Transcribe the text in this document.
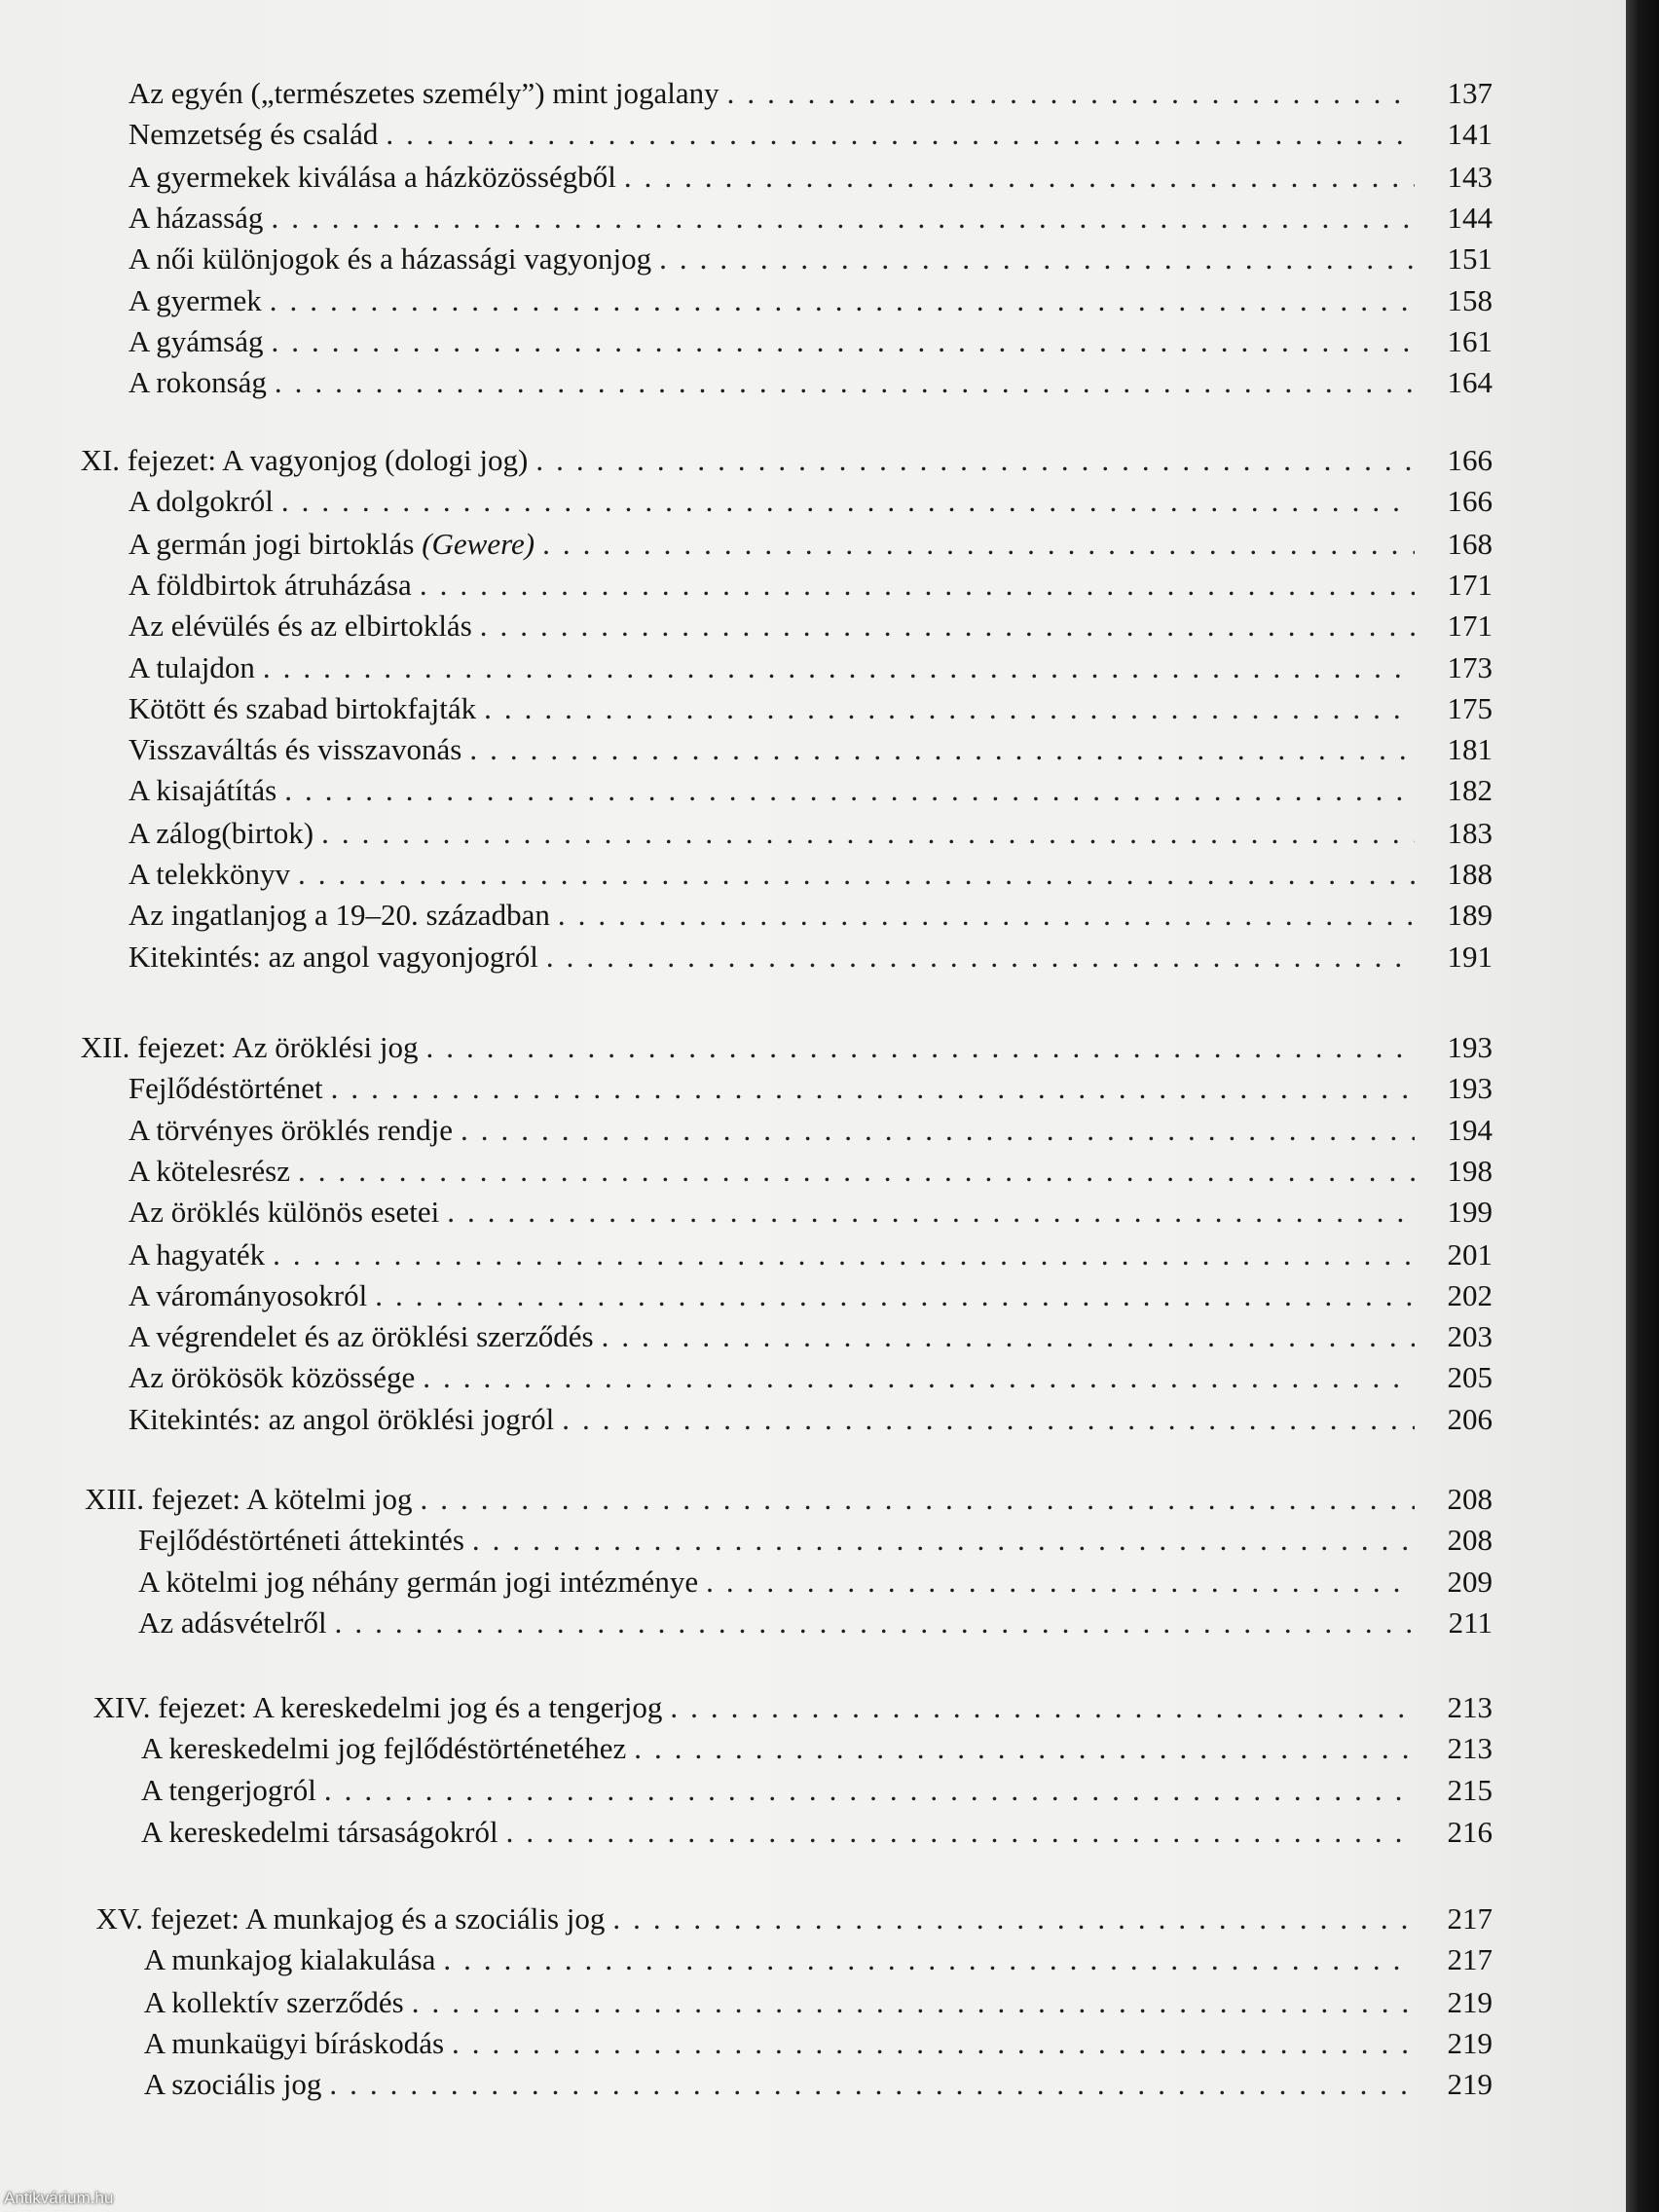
Az egyén („természetes személy”) mint jogalany .....	137
Nemzetség és család .....	141
A gyermekek kiválása a házközösségből .....	143
A házasság .....	144
A női különjogok és a házassági vagyonjog .....	151
A gyermek .....	158
A gyámság .....	161
A rokonság .....	164
XI. fejezet: A vagyonjog (dologi jog) .....	166
A dolgokról .....	166
A germán jogi birtoklás (Gewere) .....	168
A földbirtok átruházása .....	171
Az elévülés és az elbirtoklás .....	171
A tulajdon .....	173
Kötött és szabad birtokfajták .....	175
Visszaváltás és visszavonás .....	181
A kisajátítás .....	182
A zálog(birtok) .....	183
A telekkönyv .....	188
Az ingatlanjog a 19–20. században .....	189
Kitekintés: az angol vagyonjogról .....	191
XII. fejezet: Az öröklési jog .....	193
Fejlődéstörténet .....	193
A törvényes öröklés rendje .....	194
A kötelesrész .....	198
Az öröklés különös esetei .....	199
A hagyaték .....	201
A várományosokról .....	202
A végrendelet és az öröklési szerződés .....	203
Az örökösök közössége .....	205
Kitekintés: az angol öröklési jogról .....	206
XIII. fejezet: A kötelmi jog .....	208
Fejlődéstörténeti áttekintés .....	208
A kötelmi jog néhány germán jogi intézménye .....	209
Az adásvételről .....	211
XIV. fejezet: A kereskedelmi jog és a tengerjog .....	213
A kereskedelmi jog fejlődéstörténetéhez .....	213
A tengerjogról .....	215
A kereskedelmi társaságokról .....	216
XV. fejezet: A munkajog és a szociális jog .....	217
A munkajog kialakulása .....	217
A kollektív szerződés .....	219
A munkaügyi bíráskodás .....	219
A szociális jog .....	219
Antikvárium.hu
